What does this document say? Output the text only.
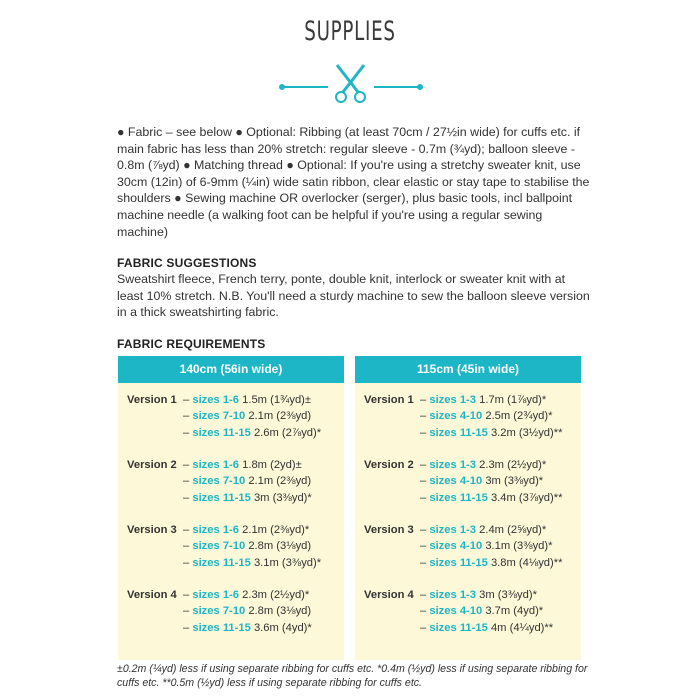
SUPPLIES
● Fabric – see below ● Optional: Ribbing (at least 70cm / 27½in wide) for cuffs etc. if main fabric has less than 20% stretch: regular sleeve - 0.7m (¾yd); balloon sleeve - 0.8m (⅞yd) ● Matching thread ● Optional: If you're using a stretchy sweater knit, use 30cm (12in) of 6-9mm (¼in) wide satin ribbon, clear elastic or stay tape to stabilise the shoulders ● Sewing machine OR overlocker (serger), plus basic tools, incl ballpoint machine needle (a walking foot can be helpful if you're using a regular sewing machine)
FABRIC SUGGESTIONS
Sweatshirt fleece, French terry, ponte, double knit, interlock or sweater knit with at least 10% stretch. N.B. You'll need a sturdy machine to sew the balloon sleeve version in a thick sweatshirting fabric.
FABRIC REQUIREMENTS
140cm (56in wide)
Version 1 – sizes 1-6 1.5m (1¾yd)±
– sizes 7-10 2.1m (2⅜yd)
– sizes 11-15 2.6m (2⅞yd)*
Version 2 – sizes 1-6 1.8m (2yd)±
– sizes 7-10 2.1m (2⅜yd)
– sizes 11-15 3m (3⅜yd)*
Version 3 – sizes 1-6 2.1m (2⅜yd)*
– sizes 7-10 2.8m (3⅛yd)
– sizes 11-15 3.1m (3⅜yd)*
Version 4 – sizes 1-6 2.3m (2½yd)*
– sizes 7-10 2.8m (3⅛yd)
– sizes 11-15 3.6m (4yd)*
115cm (45in wide)
Version 1 – sizes 1-3 1.7m (1⅞yd)*
– sizes 4-10 2.5m (2¾yd)*
– sizes 11-15 3.2m (3½yd)**
Version 2 – sizes 1-3 2.3m (2½yd)*
– sizes 4-10 3m (3⅜yd)*
– sizes 11-15 3.4m (3⅞yd)**
Version 3 – sizes 1-3 2.4m (2⅝yd)*
– sizes 4-10 3.1m (3⅜yd)*
– sizes 11-15 3.8m (4⅛yd)**
Version 4 – sizes 1-3 3m (3⅜yd)*
– sizes 4-10 3.7m (4yd)*
– sizes 11-15 4m (4¼yd)**
±0.2m (¼yd) less if using separate ribbing for cuffs etc. *0.4m (½yd) less if using separate ribbing for cuffs etc. **0.5m (½yd) less if using separate ribbing for cuffs etc.
